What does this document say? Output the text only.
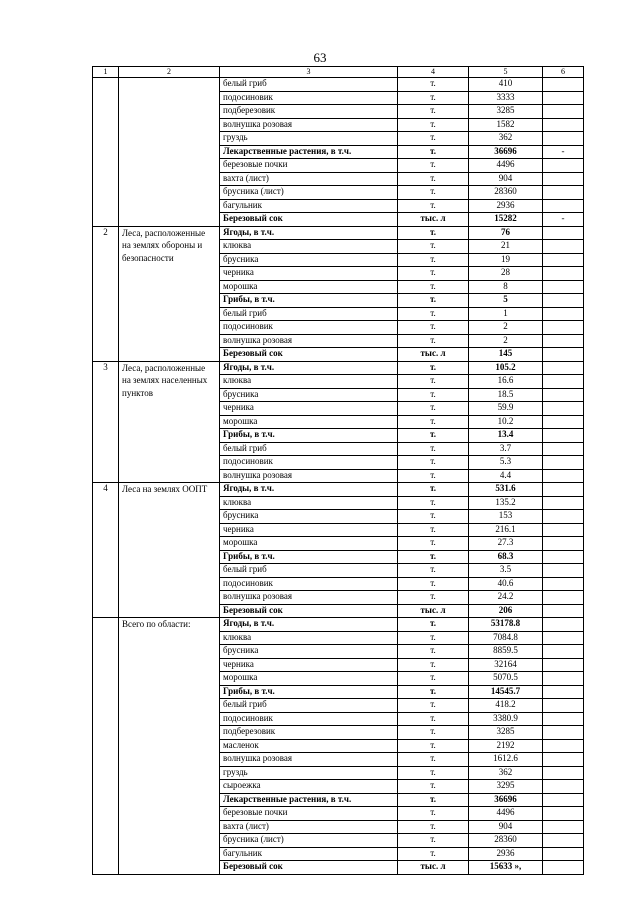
63
1	2	3	4	5	6
		белый гриб	т.	410	
		подосиновик	т.	3333	
		подберезовик	т.	3285	
		волнушка розовая	т.	1582	
		груздь	т.	362	
		Лекарственные растения, в т.ч.	т.	36696	-
		березовые почки	т.	4496	
		вахта (лист)	т.	904	
		брусника (лист)	т.	28360	
		багульник	т.	2936	
		Березовый сок	тыс. л	15282	-
2	Леса, расположенные на землях обороны и безопасности	Ягоды, в т.ч.	т.	76	
		клюква	т.	21	
		брусника	т.	19	
		черника	т.	28	
		морошка	т.	8	
		Грибы, в т.ч.	т.	5	
		белый гриб	т.	1	
		подосиновик	т.	2	
		волнушка розовая	т.	2	
		Березовый сок	тыс. л	145	
3	Леса, расположенные на землях населенных пунктов	Ягоды, в т.ч.	т.	105.2	
		клюква	т.	16.6	
		брусника	т.	18.5	
		черника	т.	59.9	
		морошка	т.	10.2	
		Грибы, в т.ч.	т.	13.4	
		белый гриб	т.	3.7	
		подосиновик	т.	5.3	
		волнушка розовая	т.	4.4	
4	Леса на землях ООПТ	Ягоды, в т.ч.	т.	531.6	
		клюква	т.	135.2	
		брусника	т.	153	
		черника	т.	216.1	
		морошка	т.	27.3	
		Грибы, в т.ч.	т.	68.3	
		белый гриб	т.	3.5	
		подосиновик	т.	40.6	
		волнушка розовая	т.	24.2	
		Березовый сок	тыс. л	206	
	Всего по области:	Ягоды, в т.ч.	т.	53178.8	
		клюква	т.	7084.8	
		брусника	т.	8859.5	
		черника	т.	32164	
		морошка	т.	5070.5	
		Грибы, в т.ч.	т.	14545.7	
		белый гриб	т.	418.2	
		подосиновик	т.	3380.9	
		подберезовик	т.	3285	
		масленок	т.	2192	
		волнушка розовая	т.	1612.6	
		груздь	т.	362	
		сыроежка	т.	3295	
		Лекарственные растения, в т.ч.	т.	36696	
		березовые почки	т.	4496	
		вахта (лист)	т.	904	
		брусника (лист)	т.	28360	
		багульник	т.	2936	
		Березовый сок	тыс. л	15633 »,	
